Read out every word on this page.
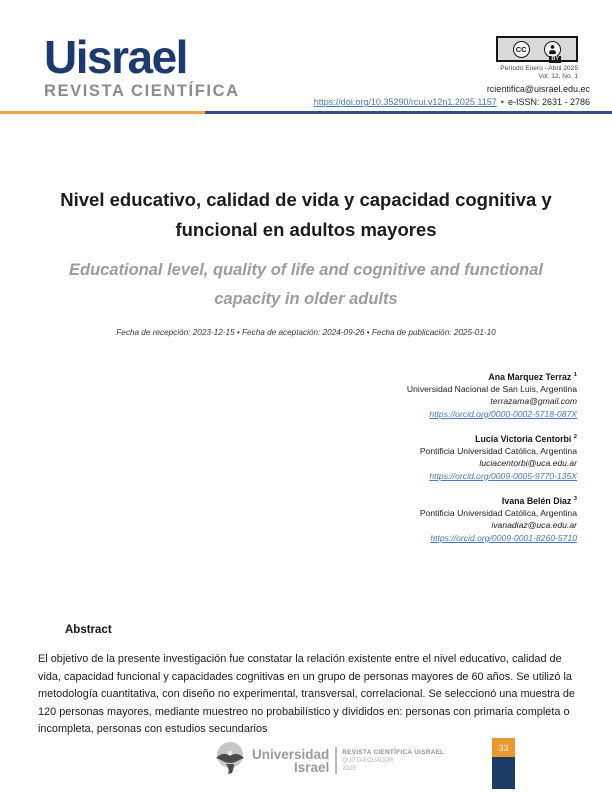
Uisrael
REVISTA CIENTÍFICA
CC
BY
Período Enero - Abril 2025
Vol. 12, No. 1
rcientifica@uisrael.edu.ec
https://doi.org/10.35290/rcui.v12n1.2025.1157 • e-ISSN: 2631 - 2786
Nivel educativo, calidad de vida y capacidad cognitiva y funcional en adultos mayores
Educational level, quality of life and cognitive and functional capacity in older adults
Fecha de recepción: 2023-12-15 • Fecha de aceptación: 2024-09-26 • Fecha de publicación: 2025-01-10
Ana Marquez Terraz $^1$
Universidad Nacional de San Luis, Argentina
terrazama@gmail.com
https://orcid.org/0000-0002-5718-087X
Lucía Victoria Centorbi $^2$
Pontificia Universidad Católica, Argentina
luciacentorbi@uca.edu.ar
https://orcid.org/0009-0005-9770-135X
Ivana Belén Diaz $^3$
Pontificia Universidad Católica, Argentina
ivanadiaz@uca.edu.ar
https://orcid.org/0009-0001-8260-5710
Abstract
El objetivo de la presente investigación fue constatar la relación existente entre el nivel educativo, calidad de vida, capacidad funcional y capacidades cognitivas en un grupo de personas mayores de 60 años. Se utilizó la metodología cuantitativa, con diseño no experimental, transversal, correlacional. Se seleccionó una muestra de 120 personas mayores, mediante muestreo no probabilístico y divididos en: personas con primaria completa o incompleta, personas con estudios secundarios
Universidad
Israel
REVISTA CIENTÍFICA UISRAEL
QUITO-ECUADOR
2025
33
